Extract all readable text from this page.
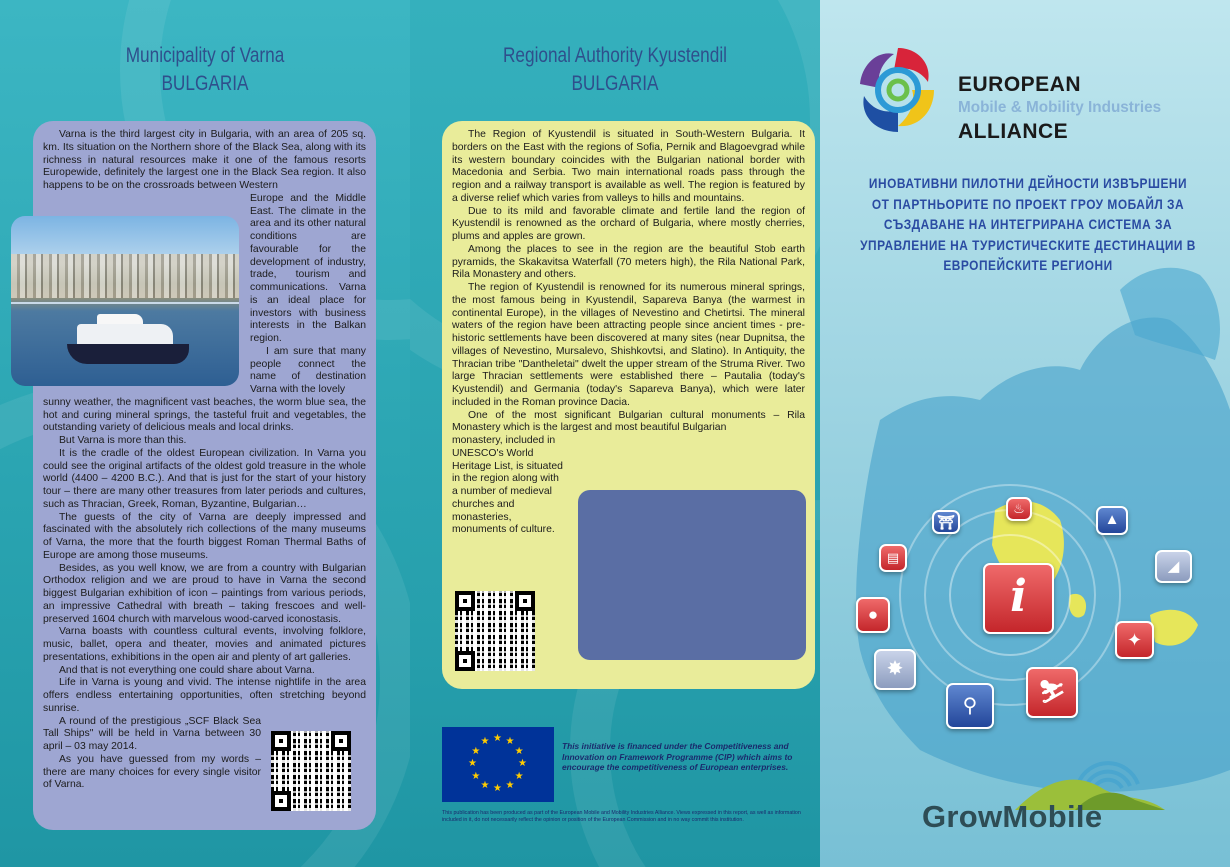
Municipality of Varna
BULGARIA

Varna is the third largest city in Bulgaria, with an area of 205 sq. km. Its situation on the Northern shore of the Black Sea, along with its richness in natural resources make it one of the famous resorts Europewide, definitely the largest one in the Black Sea region. It also happens to be on the crossroads between Western

Europe and the Middle East. The climate in the area and its other natural conditions are favourable for the development of industry, trade, tourism and communications. Varna is an ideal place for investors with business interests in the Balkan region.

I am sure that many people connect the name of destination Varna with the lovely

sunny weather, the magnificent vast beaches, the worm blue sea, the hot and curing mineral springs, the tasteful fruit and vegetables, the outstanding variety of delicious meals and local drinks.

But Varna is more than this.

It is the cradle of the oldest European civilization. In Varna you could see the original artifacts of the oldest gold treasure in the whole world (4400 – 4200 B.C.). And that is just for the start of your history tour – there are many other treasures from later periods and cultures, such as Thracian, Greek, Roman, Byzantine, Bulgarian…

The guests of the city of Varna are deeply impressed and fascinated with the absolutely rich collections of the many museums of Varna, the more that the fourth biggest Roman Thermal Baths of Europe are among those museums.

Besides, as you well know, we are from a country with Bulgarian Orthodox religion and we are proud to have in Varna the second biggest Bulgarian exhibition of icon – paintings from various periods, an impressive Cathedral with breath – taking frescoes and well-preserved 1604 church with marvelous wood-carved iconostasis.

Varna boasts with countless cultural events, involving folklore, music, ballet, opera and theater, movies and animated pictures presentations, exhibitions in the open air and plenty of art galleries.

And that is not everything one could share about Varna.

Life in Varna is young and vivid. The intense nightlife in the area offers endless entertaining opportunities, often stretching beyond sunrise.

A round of the prestigious „SCF Black Sea Tall Ships" will be held in Varna between 30 april – 03 may 2014.

As you have guessed from my words – there are many choices for every single visitor of Varna.

Regional Authority Kyustendil
BULGARIA

The Region of Kyustendil is situated in South-Western Bulgaria. It borders on the East with the regions of Sofia, Pernik and Blagoevgrad while its western boundary coincides with the Bulgarian national border with Macedonia and Serbia. Two main international roads pass through the region and a railway transport is available as well. The region is featured by a diverse relief which varies from valleys to hills and mountains.

Due to its mild and favorable climate and fertile land the region of Kyustendil is renowned as the orchard of Bulgaria, where mostly cherries, plums and apples are grown.

Among the places to see in the region are the beautiful Stob earth pyramids, the Skakavitsa Waterfall (70 meters high), the Rila National Park, Rila Monastery and others.

The region of Kyustendil is renowned for its numerous mineral springs, the most famous being in Kyustendil, Sapareva Banya (the warmest in continental Europe), in the villages of Nevestino and Chetirtsi. The mineral waters of the region have been attracting people since ancient times - pre-historic settlements have been discovered at many sites (near Dupnitsa, the villages of Nevestino, Mursalevo, Shishkovtsi, and Slatino). In Antiquity, the Thracian tribe "Dantheletai" dwelt the upper stream of the Struma River. Two large Thracian settlements were established there – Pautalia (today's Kyustendil) and Germania (today's Sapareva Banya), which were later included in the Roman province Dacia.

One of the most significant Bulgarian cultural monuments – Rila Monastery which is the largest and most beautiful Bulgarian

monastery, included in UNESCO's World Heritage List, is situated in the region along with a number of medieval churches and monasteries, monuments of culture.

★ ★
★
★
★
★
★
★
★
★
★
★	This initiative is financed under the Competitiveness and Innovation on Framework Programme (CIP) which aims to encourage the competitiveness of European enterprises.
This publication has been produced as part of the European Mobile and Mobility Industries Alliance. Views expressed in this report, as well as information included in it, do not necessarily reflect the opinion or position of the European Commission and in no way commit this institution.
EUROPEAN
Mobile & Mobility Industries
ALLIANCE
ИНОВАТИВНИ ПИЛОТНИ ДЕЙНОСТИ ИЗВЪРШЕНИ ОТ ПАРТНЬОРИТЕ ПО ПРОЕКТ ГРОУ МОБАЙЛ ЗА СЪЗДАВАНЕ НА ИНТЕГРИРАНА СИСТЕМА ЗА УПРАВЛЕНИЕ НА ТУРИСТИЧЕСКИТЕ ДЕСТИНАЦИИ В ЕВРОПЕЙСКИТЕ РЕГИОНИ
i
⛩
♨
▲
▤
◢
●
✦
✸
⚲
⛷
GrowMobile
